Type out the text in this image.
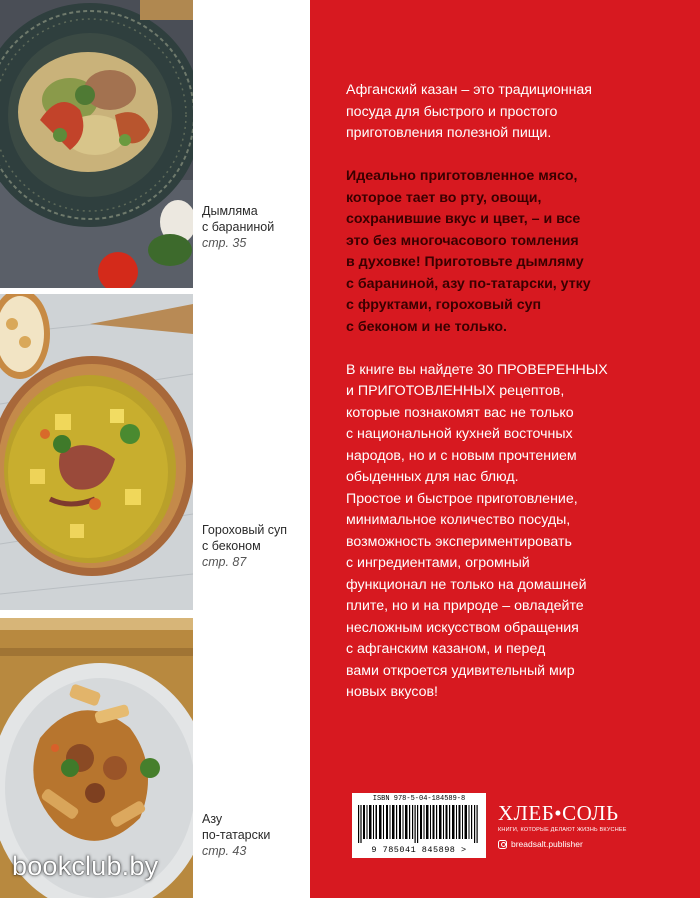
Дымляма
с бараниной
стр. 35
Гороховый суп
с беконом
стр. 87
Азу
по-татарски
стр. 43
bookclub.by

Афганский казан – это традиционная
посуда для быстрого и простого
приготовления полезной пищи.

Идеально приготовленное мясо,
которое тает во рту, овощи,
сохранившие вкус и цвет, – и все
это без многочасового томления
в духовке! Приготовьте дымляму
с бараниной, азу по-татарски, утку
с фруктами, гороховый суп
с беконом и не только.

В книге вы найдете 30 ПРОВЕРЕННЫХ
и ПРИГОТОВЛЕННЫХ рецептов,
которые познакомят вас не только
с национальной кухней восточных
народов, но и с новым прочтением
обыденных для нас блюд.
Простое и быстрое приготовление,
минимальное количество посуды,
возможность экспериментировать
с ингредиентами, огромный
функционал не только на домашней
плите, но и на природе – овладейте
несложным искусством обращения
с афганским казаном, и перед
вами откроется удивительный мир
новых вкусов!

ISBN 978-5-04-184589-8
9 785041 845898 >
ХЛЕБ•СОЛЬ
КНИГИ, КОТОРЫЕ ДЕЛАЮТ ЖИЗНЬ ВКУСНЕЕ
breadsalt.publisher
